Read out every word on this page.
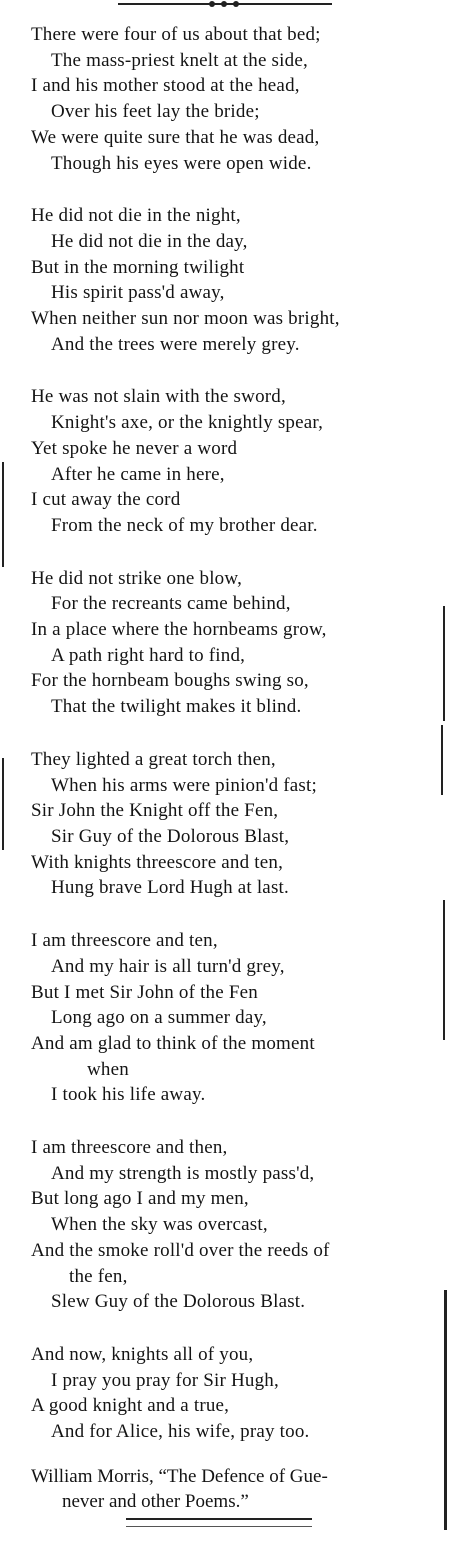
There were four of us about that bed;
The mass-priest knelt at the side,
I and his mother stood at the head,
Over his feet lay the bride;
We were quite sure that he was dead,
Though his eyes were open wide.
He did not die in the night,
He did not die in the day,
But in the morning twilight
His spirit pass'd away,
When neither sun nor moon was bright,
And the trees were merely grey.
He was not slain with the sword,
Knight's axe, or the knightly spear,
Yet spoke he never a word
After he came in here,
I cut away the cord
From the neck of my brother dear.
He did not strike one blow,
For the recreants came behind,
In a place where the hornbeams grow,
A path right hard to find,
For the hornbeam boughs swing so,
That the twilight makes it blind.
They lighted a great torch then,
When his arms were pinion'd fast;
Sir John the Knight off the Fen,
Sir Guy of the Dolorous Blast,
With knights threescore and ten,
Hung brave Lord Hugh at last.
I am threescore and ten,
And my hair is all turn'd grey,
But I met Sir John of the Fen
Long ago on a summer day,
And am glad to think of the moment
when
I took his life away.
I am threescore and then,
And my strength is mostly pass'd,
But long ago I and my men,
When the sky was overcast,
And the smoke roll'd over the reeds of
the fen,
Slew Guy of the Dolorous Blast.
And now, knights all of you,
I pray you pray for Sir Hugh,
A good knight and a true,
And for Alice, his wife, pray too.
William Morris, “The Defence of Gue-
never and other Poems.”
